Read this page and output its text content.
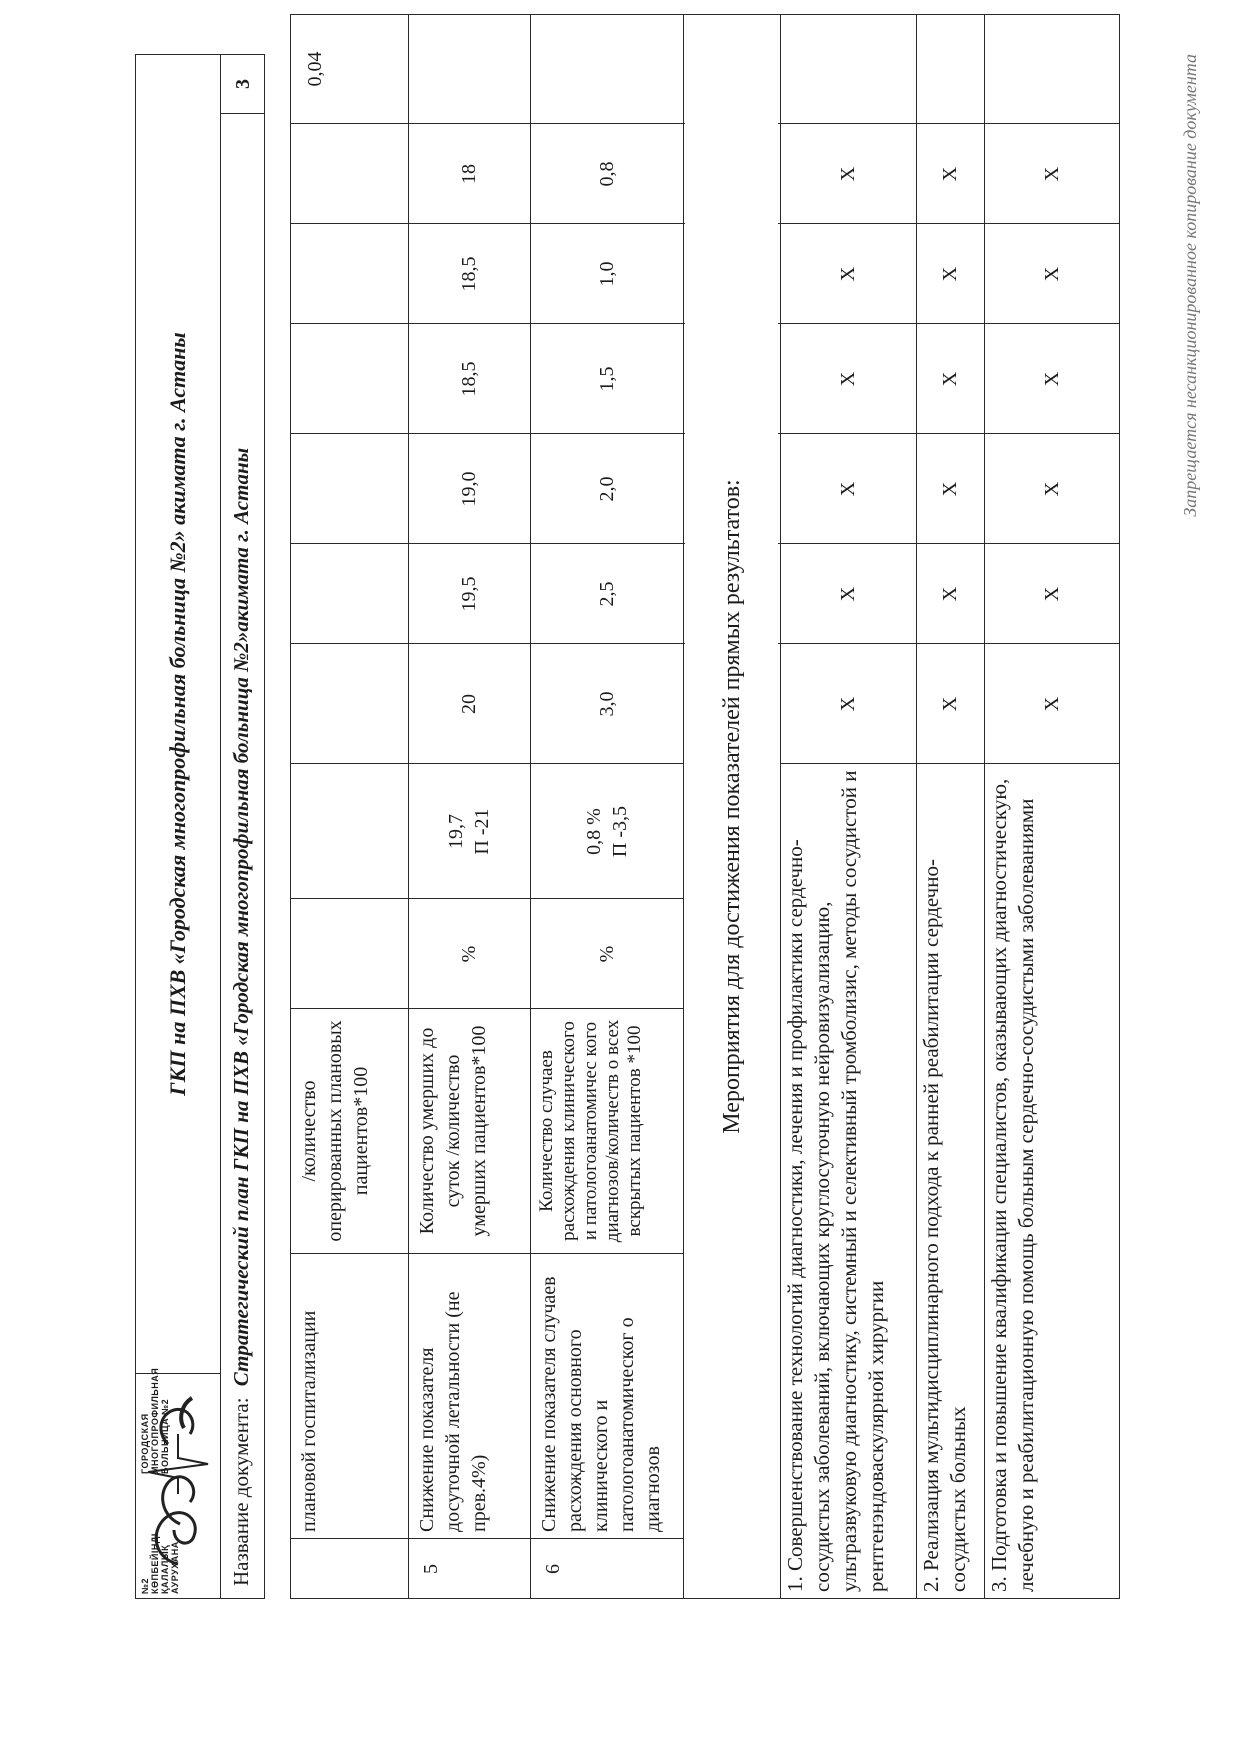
№2 КӨПБЕЙІНДІ ҚАЛАЛЫҚ АУРУХАНА
ГОРОДСКАЯ МНОГОПРОФИЛЬНАЯ БОЛЬНИЦА №2
ГКП на ПХВ «Городская многопрофильная больница №2» акимата г. Астаны
Название документа: Стратегический план ГКП на ПХВ «Городская многопрофильная больница №2»акимата г. Астаны
3
плановой госпитализации
/количество оперированных плановых пациентов*100
0,04
5
Снижение показателя досуточной летальности (не прев.4%)
Количество умерших до суток /количество умерших пациентов*100
%
19,7 П -21
20
19,5
19,0
18,5
18,5
18
6
Снижение показателя случаев расхождения основного клинического и патологоанатомическог о диагнозов
Количество случаев расхождения клинического и патологоанатомичес кого диагнозов/количеств о всех вскрытых пациентов *100
%
0,8 % П -3,5
3,0
2,5
2,0
1,5
1,0
0,8
Мероприятия для достижения показателей прямых результатов:
1. Совершенствование технологий диагностики, лечения и профилактики сердечно-сосудистых заболеваний, включающих круглосуточную нейровизуализацию, ультразвуковую диагностику, системный и селективный тромболизис, методы сосудистой и рентгенэндоваскулярной хирургии
X
X
X
X
X
X
2. Реализация мультидисциплинарного подхода к ранней реабилитации сердечно-сосудистых больных
X
X
X
X
X
X
3. Подготовка и повышение квалификации специалистов, оказывающих диагностическую, лечебную и реабилитационную помощь больным сердечно-сосудистыми заболеваниями
X
X
X
X
X
X	Запрещается несанкционированное копирование документа
